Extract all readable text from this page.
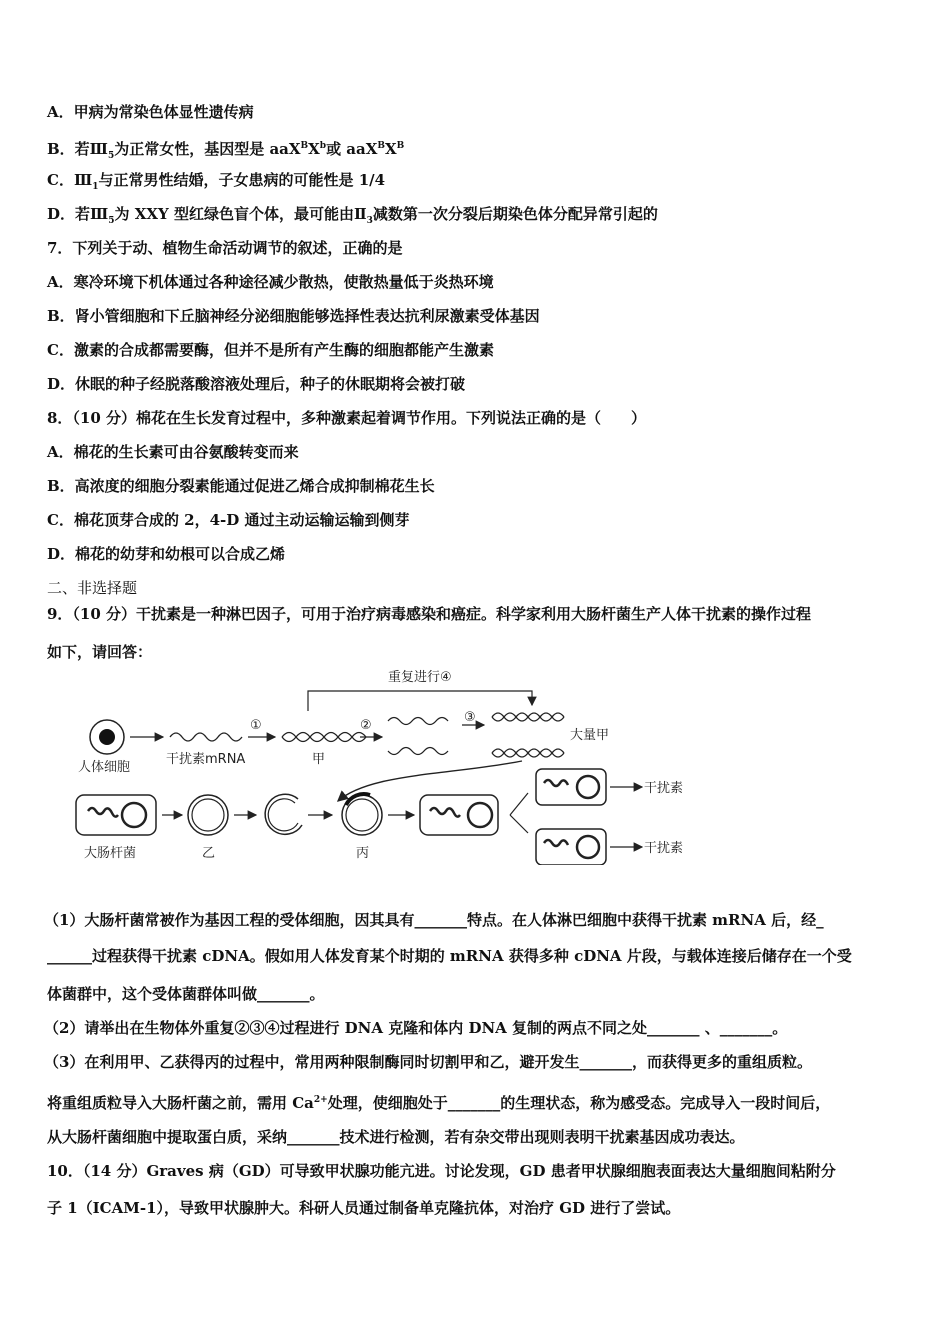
A．甲病为常染色体显性遗传病
B．若$Ⅲ_5$为正常女性，基因型是 $aaX^BX^b$或 $aaX^BX^B$
C．$Ⅲ_1$与正常男性结婚，子女患病的可能性是 1/4
D．若$Ⅲ_5$为 XXY 型红绿色盲个体，最可能由$Ⅱ_3$减数第一次分裂后期染色体分配异常引起的
7．下列关于动、植物生命活动调节的叙述，正确的是
A．寒冷环境下机体通过各种途径减少散热，使散热量低于炎热环境
B．肾小管细胞和下丘脑神经分泌细胞能够选择性表达抗利尿激素受体基因
C．激素的合成都需要酶，但并不是所有产生酶的细胞都能产生激素
D．休眠的种子经脱落酸溶液处理后，种子的休眠期将会被打破
8．（10 分）棉花在生长发育过程中，多种激素起着调节作用。下列说法正确的是（　　）
A．棉花的生长素可由谷氨酸转变而来
B．高浓度的细胞分裂素能通过促进乙烯合成抑制棉花生长
C．棉花顶芽合成的 2，4-D 通过主动运输运输到侧芽
D．棉花的幼芽和幼根可以合成乙烯
二、非选择题
9．（10 分）干扰素是一种淋巴因子，可用于治疗病毒感染和癌症。科学家利用大肠杆菌生产人体干扰素的操作过程
如下，请回答：
重复进行④
人体细胞
干扰素mRNA
①
甲
②
③
大量甲
大肠杆菌	乙	丙
干扰素
干扰素
（1）大肠杆菌常被作为基因工程的受体细胞，因其具有_______特点。在人体淋巴细胞中获得干扰素 mRNA 后，经_
______过程获得干扰素 cDNA。假如用人体发育某个时期的 mRNA 获得多种 cDNA 片段，与载体连接后储存在一个受
体菌群中，这个受体菌群体叫做_______。
（2）请举出在生物体外重复②③④过程进行 DNA 克隆和体内 DNA 复制的两点不同之处_______ 、_______。
（3）在利用甲、乙获得丙的过程中，常用两种限制酶同时切割甲和乙，避开发生_______，而获得更多的重组质粒。
将重组质粒导入大肠杆菌之前，需用 $Ca^{2+}$处理，使细胞处于_______的生理状态，称为感受态。完成导入一段时间后，
从大肠杆菌细胞中提取蛋白质，采纳_______技术进行检测，若有杂交带出现则表明干扰素基因成功表达。
10．（14 分）Graves 病（GD）可导致甲状腺功能亢进。讨论发现，GD 患者甲状腺细胞表面表达大量细胞间粘附分
子 1（ICAM-1），导致甲状腺肿大。科研人员通过制备单克隆抗体，对治疗 GD 进行了尝试。
